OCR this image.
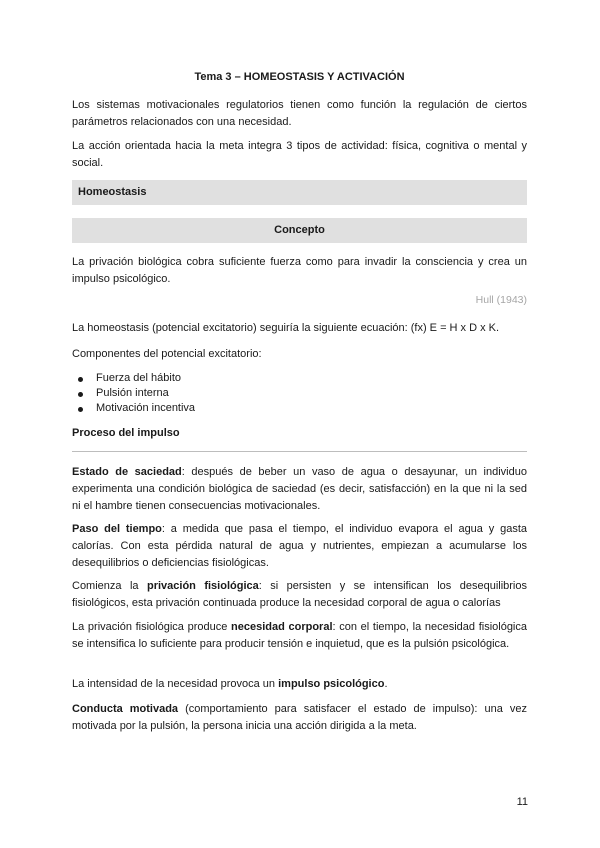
Tema 3 – HOMEOSTASIS Y ACTIVACIÓN

Los sistemas motivacionales regulatorios tienen como función la regulación de ciertos parámetros relacionados con una necesidad.

La acción orientada hacia la meta integra 3 tipos de actividad: física, cognitiva o mental y social.

Homeostasis
Concepto

La privación biológica cobra suficiente fuerza como para invadir la consciencia y crea un impulso psicológico.

Hull (1943)

La homeostasis (potencial excitatorio) seguiría la siguiente ecuación: (fx) E = H x D x K.

Componentes del potencial excitatorio:

Fuerza del hábito
Pulsión interna
Motivación incentiva
Proceso del impulso

Estado de saciedad: después de beber un vaso de agua o desayunar, un individuo experimenta una condición biológica de saciedad (es decir, satisfacción) en la que ni la sed ni el hambre tienen consecuencias motivacionales.

Paso del tiempo: a medida que pasa el tiempo, el individuo evapora el agua y gasta calorías. Con esta pérdida natural de agua y nutrientes, empiezan a acumularse los desequilibrios o deficiencias fisiológicas.

Comienza la privación fisiológica: si persisten y se intensifican los desequilibrios fisiológicos, esta privación continuada produce la necesidad corporal de agua o calorías

La privación fisiológica produce necesidad corporal: con el tiempo, la necesidad fisiológica se intensifica lo suficiente para producir tensión e inquietud, que es la pulsión psicológica.

La intensidad de la necesidad provoca un impulso psicológico.

Conducta motivada (comportamiento para satisfacer el estado de impulso): una vez motivada por la pulsión, la persona inicia una acción dirigida a la meta.

11
